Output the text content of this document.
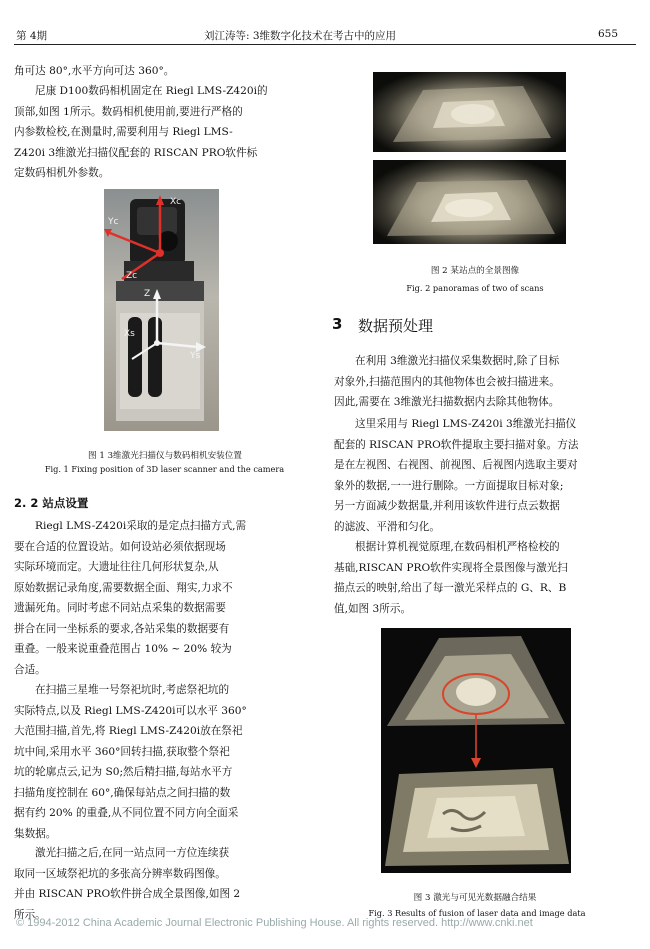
第 4期	刘江涛等: 3维数字化技术在考古中的应用	655
角可达 80°,水平方向可达 360°。
尼康 D100数码相机固定在 Riegl LMS-Z420i的
顶部,如图 1所示。数码相机使用前,要进行严格的
内参数检校,在测量时,需要利用与 Riegl LMS-
Z420i 3维激光扫描仪配套的 RISCAN PRO软件标
定数码相机外参数。
Xc
Yc
Zc
Z
Xs
Ys
图 1 3维激光扫描仪与数码相机安装位置
Fig. 1 Fixing position of 3D laser scanner and the camera
2. 2 站点设置
Riegl LMS-Z420i采取的是定点扫描方式,需
要在合适的位置设站。如何设站必须依据现场
实际环境而定。大遗址往往几何形状复杂,从
原始数据记录角度,需要数据全面、翔实,力求不
遗漏死角。同时考虑不同站点采集的数据需要
拼合在同一坐标系的要求,各站采集的数据要有
重叠。一般来说重叠范围占 10% ~ 20% 较为
合适。
在扫描三星堆一号祭祀坑时,考虑祭祀坑的
实际特点,以及 Riegl LMS-Z420i可以水平 360°
大范围扫描,首先,将 Riegl LMS-Z420i放在祭祀
坑中间,采用水平 360°回转扫描,获取整个祭祀
坑的轮廓点云,记为 S0;然后精扫描,每站水平方
扫描角度控制在 60°,确保每站点之间扫描的数
据有约 20% 的重叠,从不同位置不同方向全面采
集数据。
激光扫描之后,在同一站点同一方位连续获
取同一区域祭祀坑的多张高分辨率数码图像。
并由 RISCAN PRO软件拼合成全景图像,如图 2
所示。
图 2 某站点的全景图像
Fig. 2 panoramas of two of scans
3 数据预处理
在利用 3维激光扫描仪采集数据时,除了目标
对象外,扫描范围内的其他物体也会被扫描进来。
因此,需要在 3维激光扫描数据内去除其他物体。
这里采用与 Riegl LMS-Z420i 3维激光扫描仪
配套的 RISCAN PRO软件提取主要扫描对象。方法
是在左视图、右视图、前视图、后视图内选取主要对
象外的数据,一一进行删除。一方面提取目标对象;
另一方面减少数据量,并利用该软件进行点云数据
的滤波、平滑和匀化。
根据计算机视觉原理,在数码相机严格检校的
基础,RISCAN PRO软件实现将全景图像与激光扫
描点云的映射,给出了每一激光采样点的 G、R、B
值,如图 3所示。
图 3 激光与可见光数据融合结果
Fig. 3 Results of fusion of laser data and image data
© 1994-2012 China Academic Journal Electronic Publishing House. All rights reserved. http://www.cnki.net
